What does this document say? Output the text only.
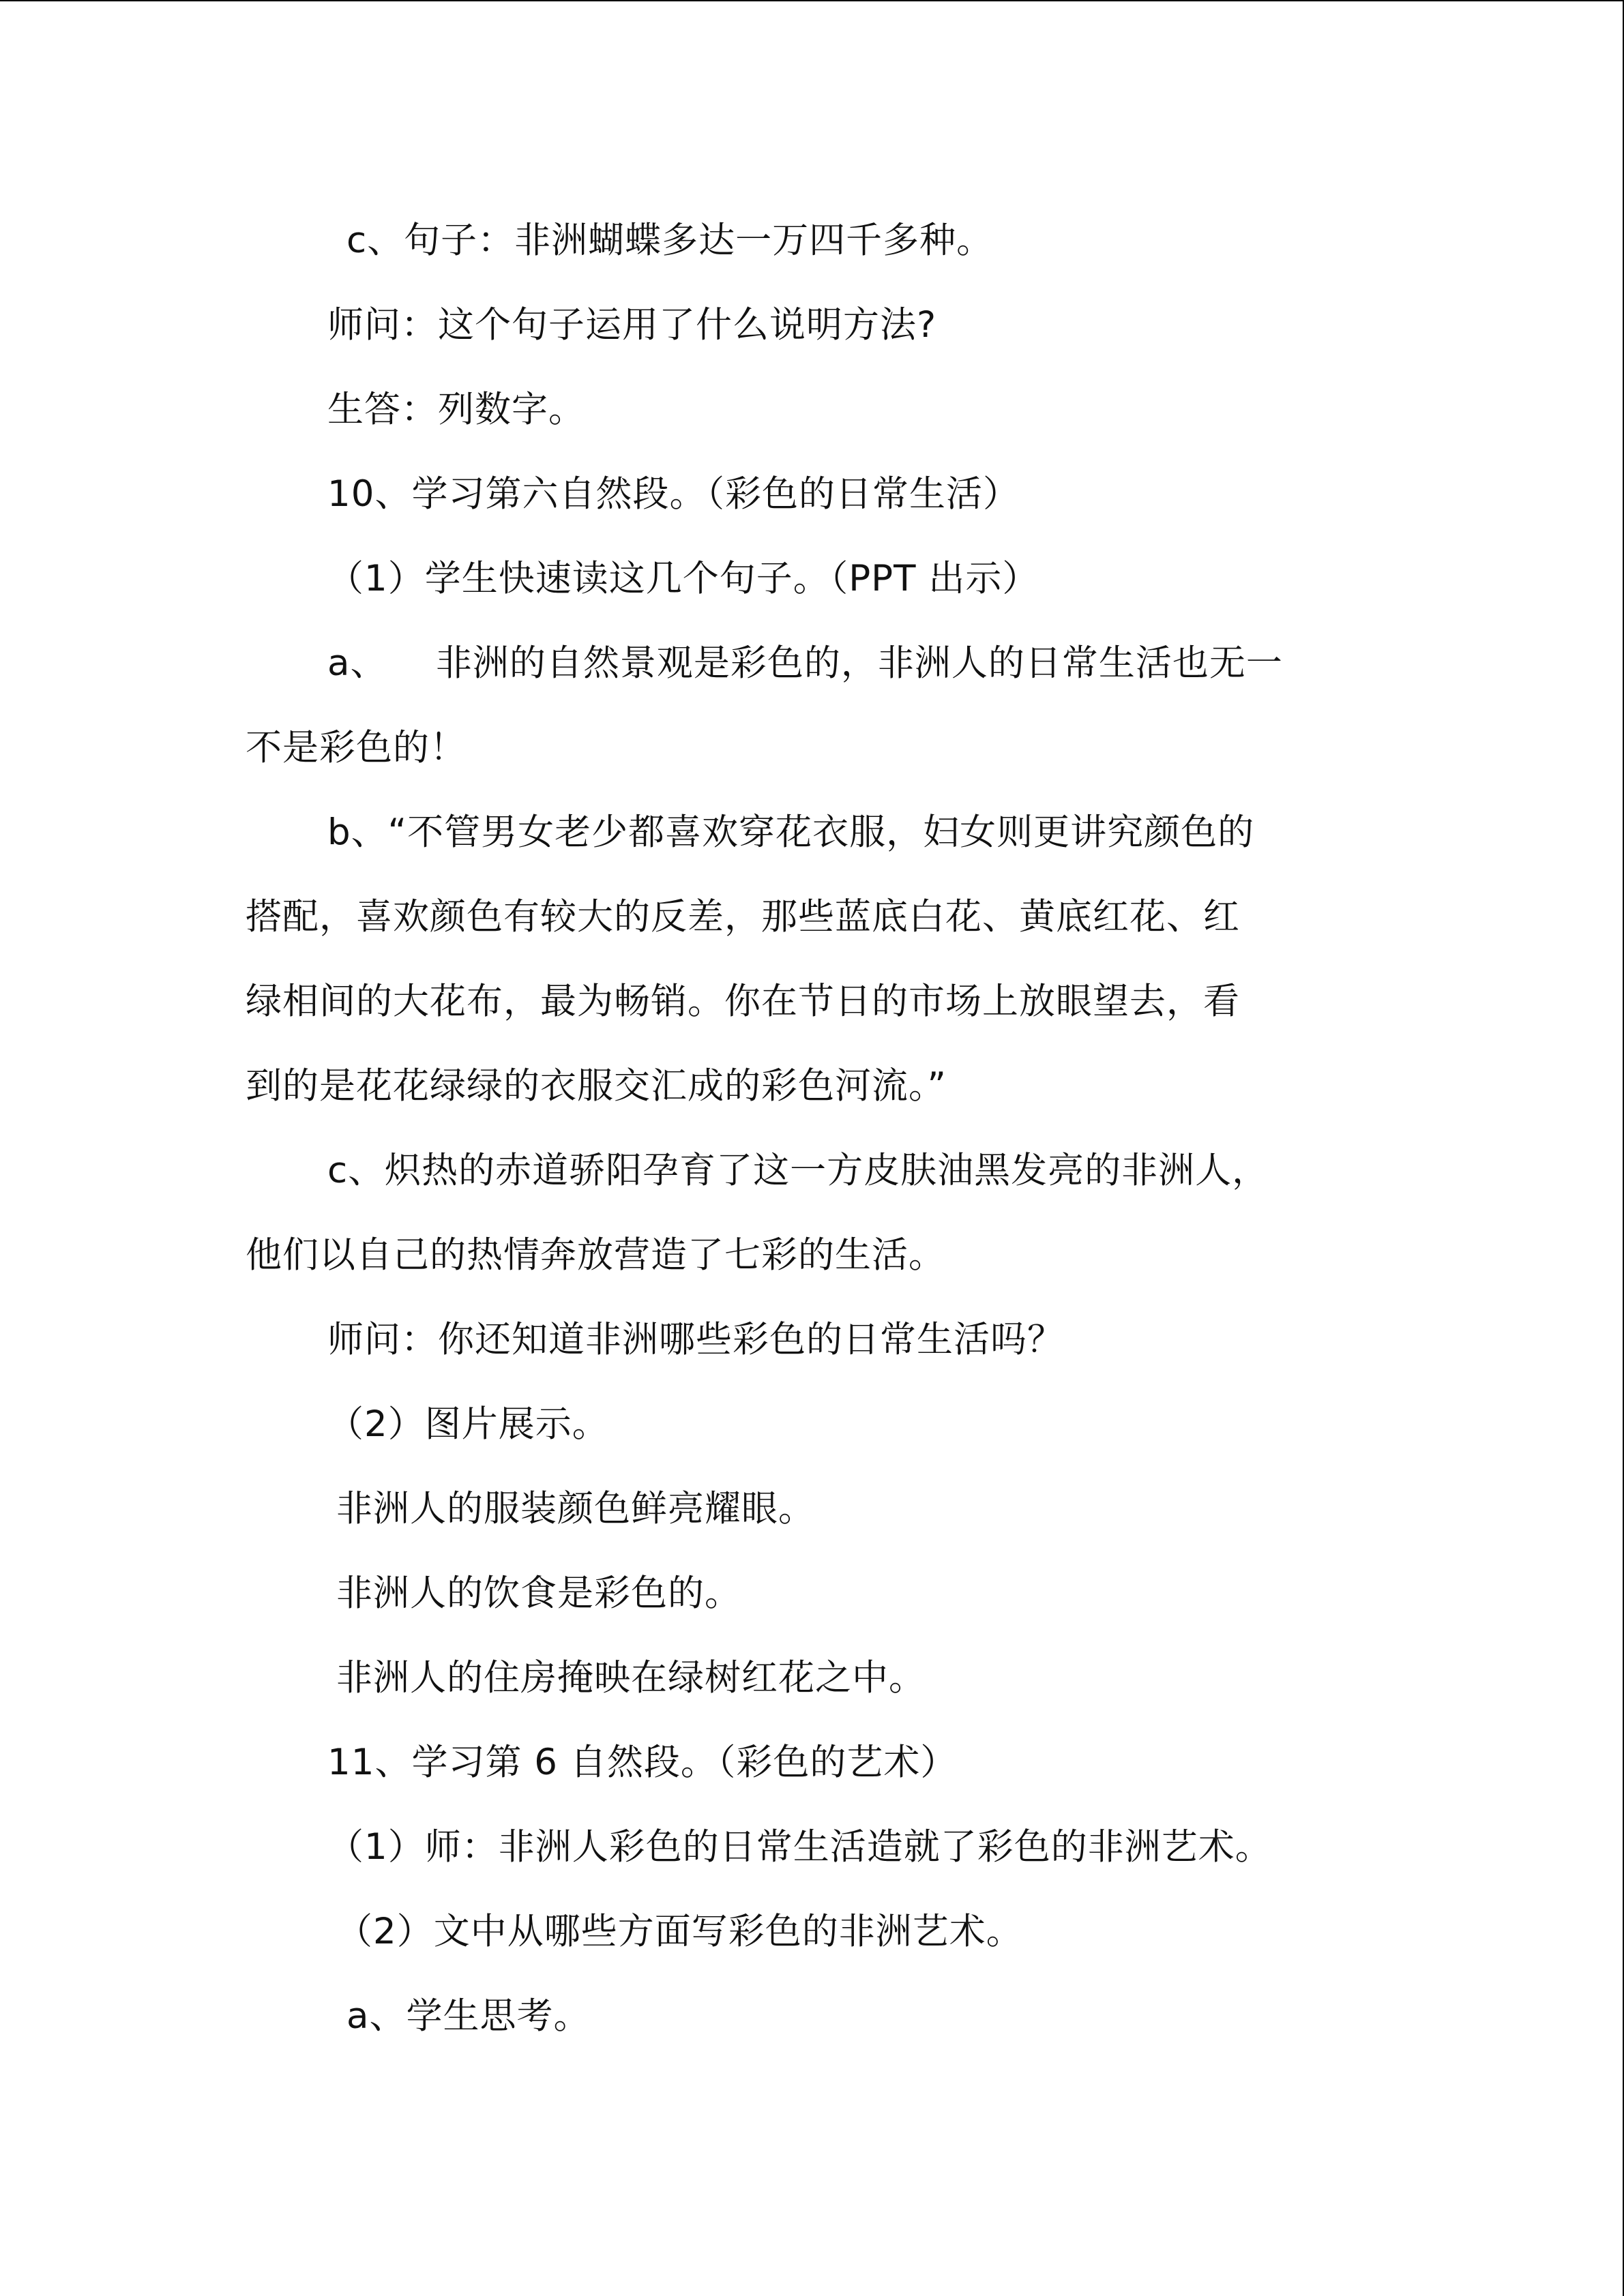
c、句子：非洲蝴蝶多达一万四千多种。
师问：这个句子运用了什么说明方法?
生答：列数字。
10、学习第六自然段。（彩色的日常生活）
（1）学生快速读这几个句子。（PPT 出示）
a、    非洲的自然景观是彩色的，非洲人的日常生活也无一
不是彩色的！
b、“不管男女老少都喜欢穿花衣服，妇女则更讲究颜色的
搭配，喜欢颜色有较大的反差，那些蓝底白花、黄底红花、红
绿相间的大花布，最为畅销。你在节日的市场上放眼望去，看
到的是花花绿绿的衣服交汇成的彩色河流。”
c、炽热的赤道骄阳孕育了这一方皮肤油黑发亮的非洲人，
他们以自己的热情奔放营造了七彩的生活。
师问：你还知道非洲哪些彩色的日常生活吗？
（2）图片展示。
非洲人的服装颜色鲜亮耀眼。
非洲人的饮食是彩色的。
非洲人的住房掩映在绿树红花之中。
11、学习第 6 自然段。（彩色的艺术）
（1）师：非洲人彩色的日常生活造就了彩色的非洲艺术。
（2）文中从哪些方面写彩色的非洲艺术。
a、学生思考。
